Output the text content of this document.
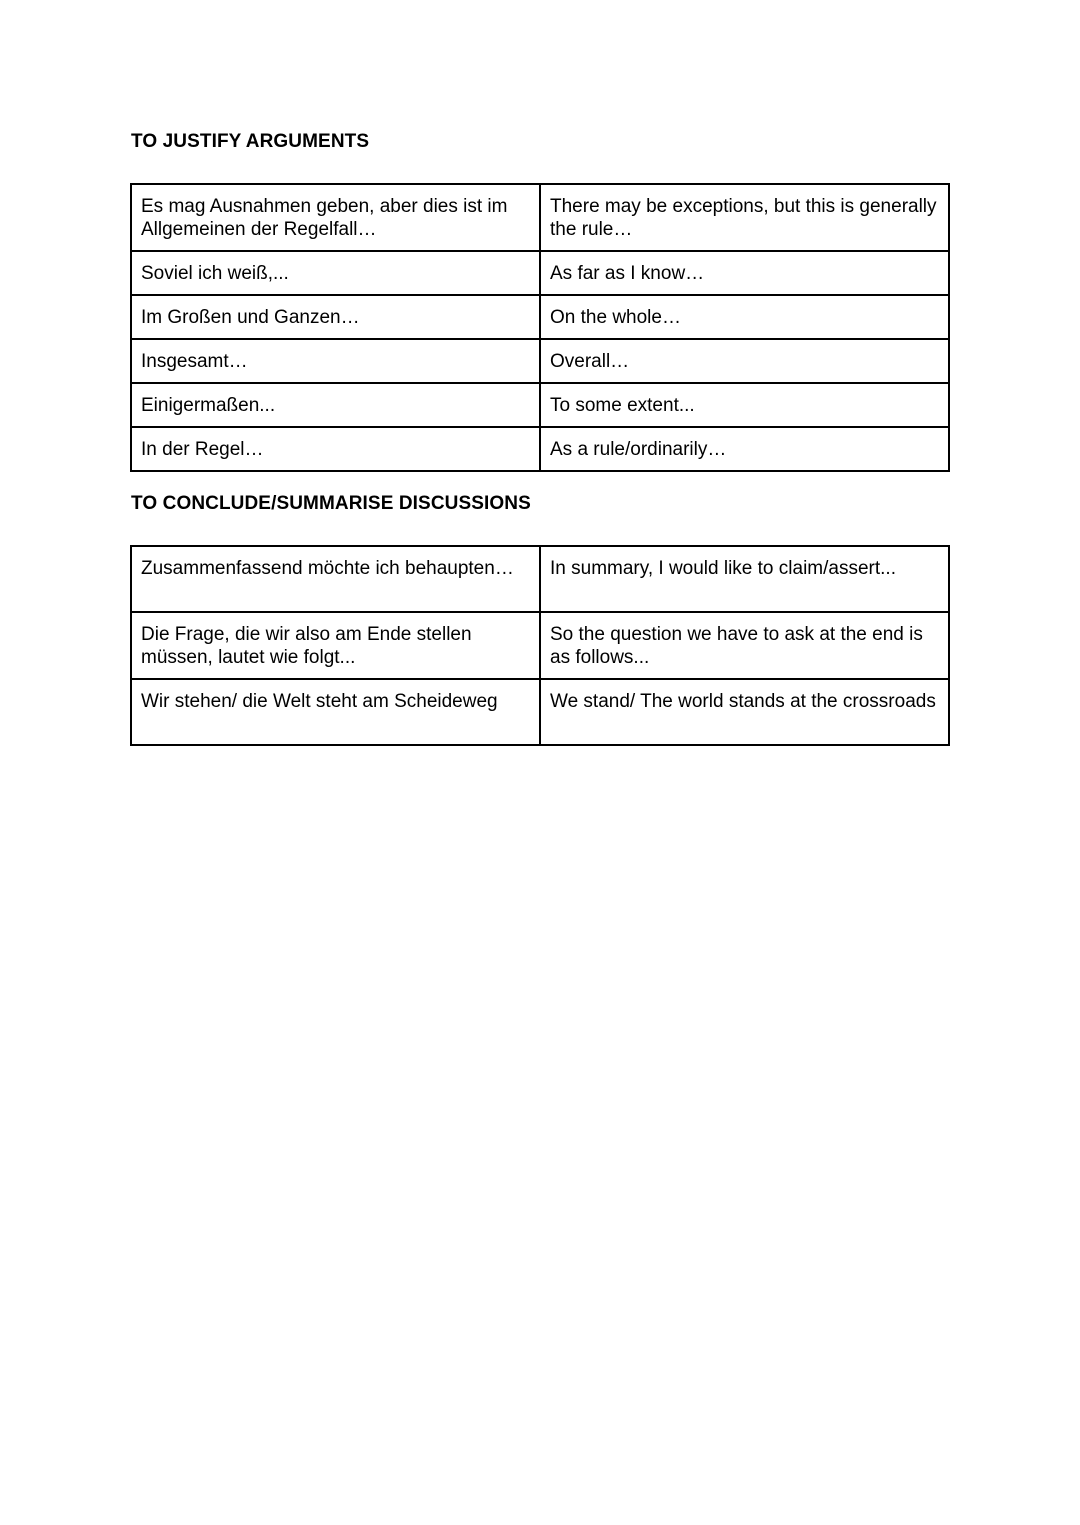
TO JUSTIFY ARGUMENTS
Es mag Ausnahmen geben, aber dies ist im Allgemeinen der Regelfall…	There may be exceptions, but this is generally the rule…
Soviel ich weiß,...	As far as I know…
Im Großen und Ganzen…	On the whole…
Insgesamt…	Overall…
Einigermaßen...	To some extent...
In der Regel…	As a rule/ordinarily…
TO CONCLUDE/SUMMARISE DISCUSSIONS
Zusammenfassend möchte ich behaupten…	In summary, I would like to claim/assert...
Die Frage, die wir also am Ende stellen müssen, lautet wie folgt...	So the question we have to ask at the end is as follows...
Wir stehen/ die Welt steht am Scheideweg	We stand/ The world stands at the crossroads
